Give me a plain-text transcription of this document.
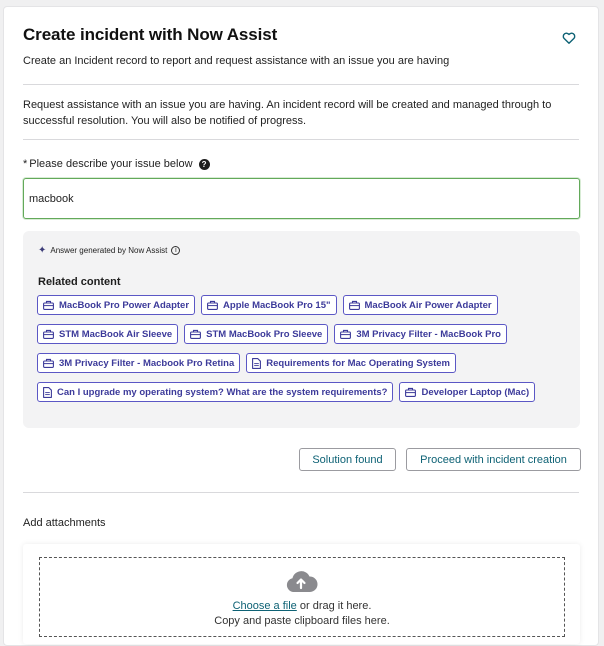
Create incident with Now Assist
Create an Incident record to report and request assistance with an issue you are having
Request assistance with an issue you are having. An incident record will be created and managed through to successful resolution. You will also be notified of progress.
* Please describe your issue below	?
macbook
✦ Answer generated by Now Assist	i
Related content
MacBook Pro Power Adapter	Apple MacBook Pro 15"	MacBook Air Power Adapter
STM MacBook Air Sleeve	STM MacBook Pro Sleeve	3M Privacy Filter - MacBook Pro
3M Privacy Filter - Macbook Pro Retina	Requirements for Mac Operating System
Can I upgrade my operating system? What are the system requirements?	Developer Laptop (Mac)
Solution found	Proceed with incident creation
Add attachments
Choose a file or drag it here.
Copy and paste clipboard files here.
